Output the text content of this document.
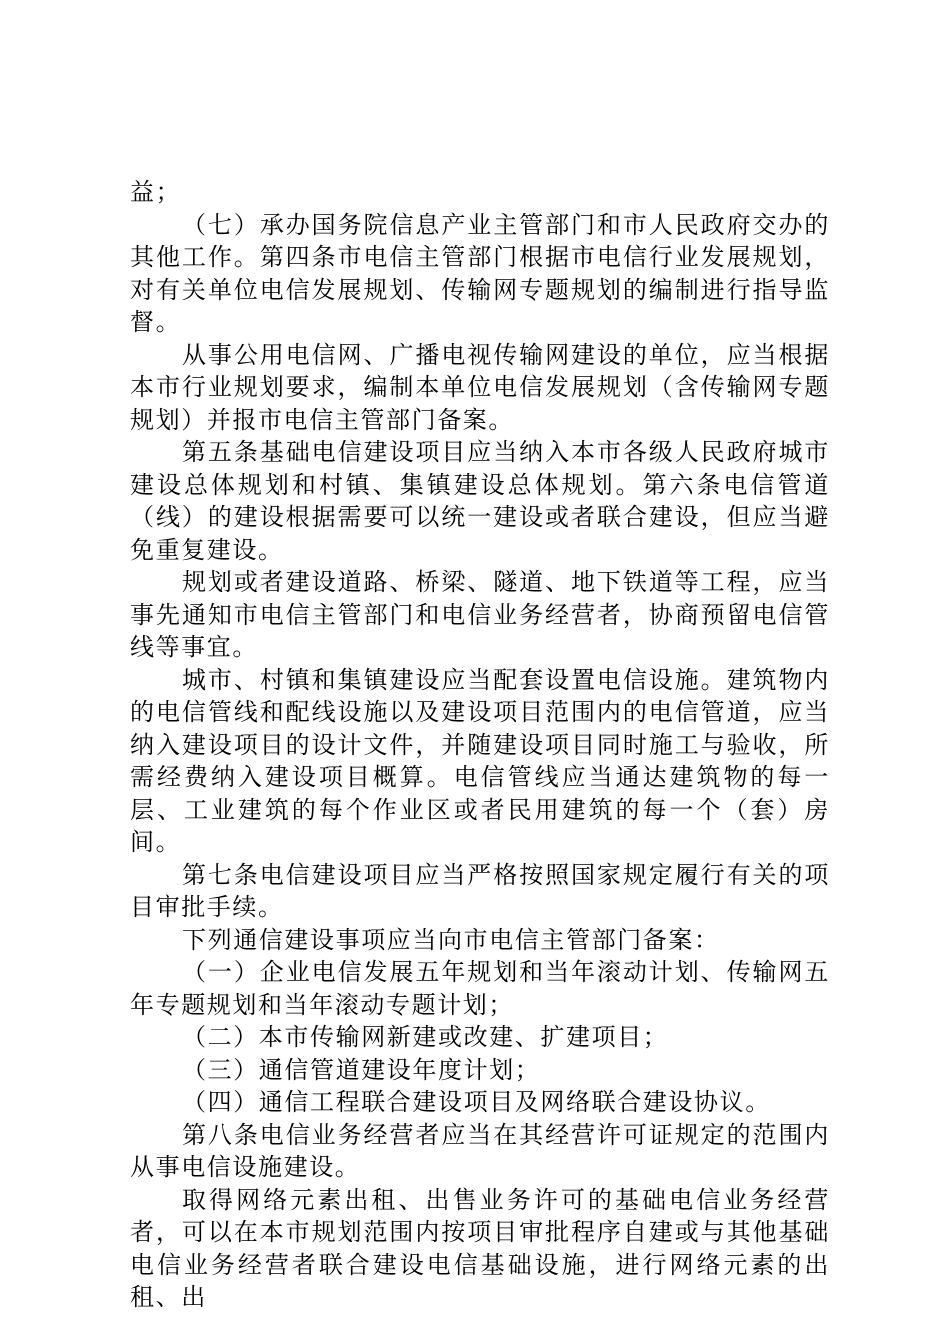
益；

（七）承办国务院信息产业主管部门和市人民政府交办的其他工作。第四条市电信主管部门根据市电信行业发展规划，对有关单位电信发展规划、传输网专题规划的编制进行指导监督。

从事公用电信网、广播电视传输网建设的单位，应当根据本市行业规划要求，编制本单位电信发展规划（含传输网专题规划）并报市电信主管部门备案。

第五条基础电信建设项目应当纳入本市各级人民政府城市建设总体规划和村镇、集镇建设总体规划。第六条电信管道（线）的建设根据需要可以统一建设或者联合建设，但应当避免重复建设。

规划或者建设道路、桥梁、隧道、地下铁道等工程，应当事先通知市电信主管部门和电信业务经营者，协商预留电信管线等事宜。

城市、村镇和集镇建设应当配套设置电信设施。建筑物内的电信管线和配线设施以及建设项目范围内的电信管道，应当纳入建设项目的设计文件，并随建设项目同时施工与验收，所需经费纳入建设项目概算。电信管线应当通达建筑物的每一层、工业建筑的每个作业区或者民用建筑的每一个（套）房间。

第七条电信建设项目应当严格按照国家规定履行有关的项目审批手续。

下列通信建设事项应当向市电信主管部门备案：

（一）企业电信发展五年规划和当年滚动计划、传输网五年专题规划和当年滚动专题计划；

（二）本市传输网新建或改建、扩建项目；

（三）通信管道建设年度计划；

（四）通信工程联合建设项目及网络联合建设协议。

第八条电信业务经营者应当在其经营许可证规定的范围内从事电信设施建设。

取得网络元素出租、出售业务许可的基础电信业务经营者，可以在本市规划范围内按项目审批程序自建或与其他基础电信业务经营者联合建设电信基础设施，进行网络元素的出租、出
